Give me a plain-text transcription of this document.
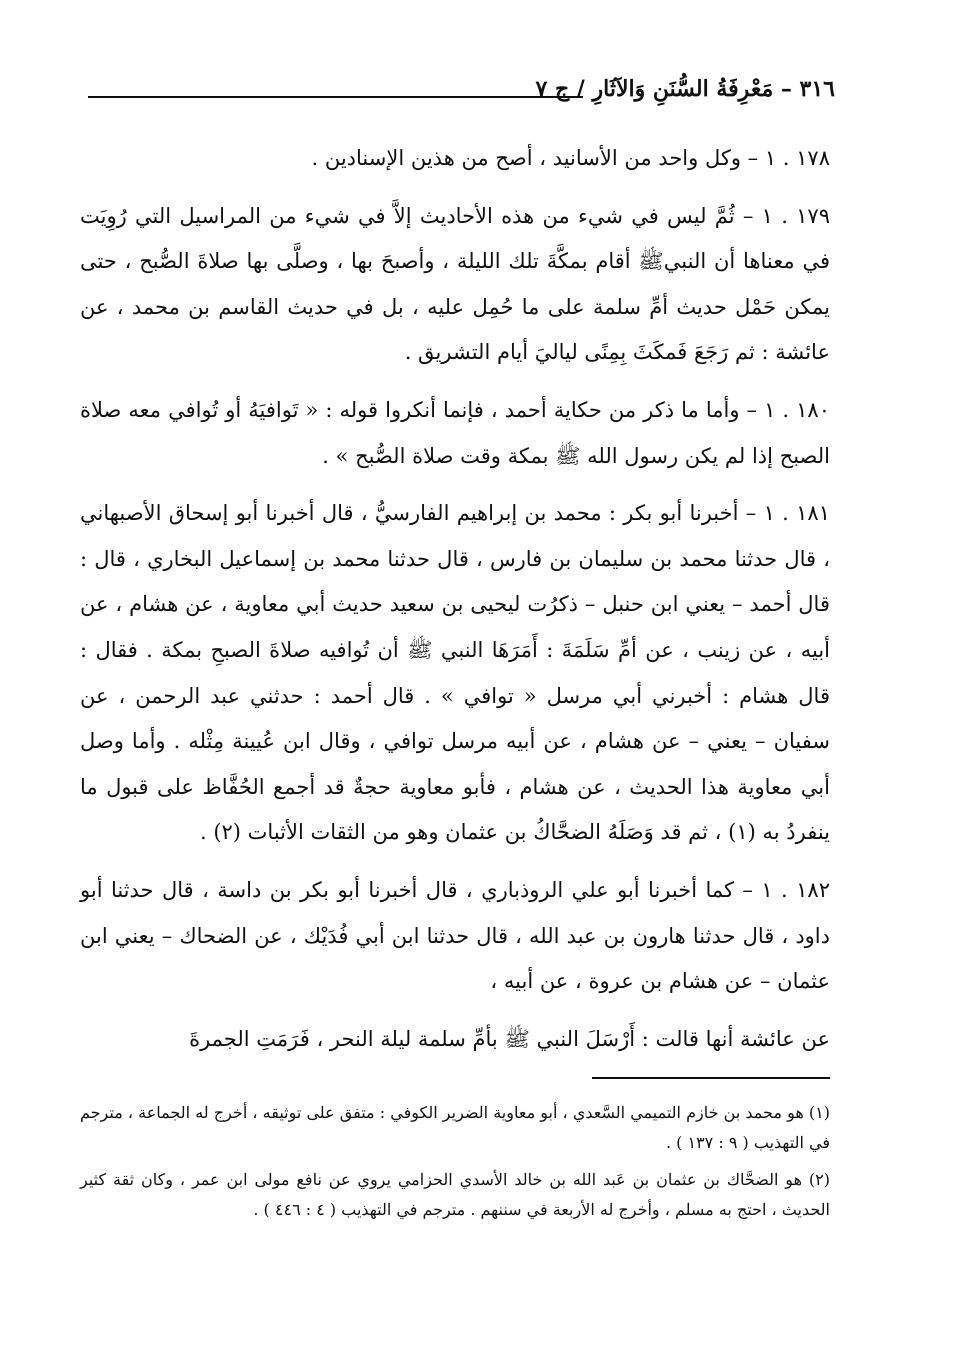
٣١٦ – مَعْرِفَةُ السُّنَنِ وَالآثَارِ / ج ٧

١٧٨ . ١ – وكل واحد من الأسانيد ، أصح من هذين الإسنادين .

١٧٩ . ١ – ثُمَّ ليس في شيء من هذه الأحاديث إلاَّ في شيء من المراسيل التي رُوِيَت في معناها أن النبيﷺ أقام بمكَّةَ تلك الليلة ، وأصبحَ بها ، وصلَّى بها صلاةَ الصُّبح ، حتى يمكن حَمْل حديث أمِّ سلمة على ما حُمِل عليه ، بل في حديث القاسم بن محمد ، عن عائشة : ثم رَجَعَ فَمكَثَ بِمِنًى لياليَ أيام التشريق .

١٨٠ . ١ – وأما ما ذكر من حكاية أحمد ، فإنما أنكروا قوله : « تَوافيَهُ أو تُوافي معه صلاة الصبح إذا لم يكن رسول الله ﷺ بمكة وقت صلاة الصُّبح » .

١٨١ . ١ – أخبرنا أبو بكر : محمد بن إبراهيم الفارسيُّ ، قال أخبرنا أبو إسحاق الأصبهاني ، قال حدثنا محمد بن سليمان بن فارس ، قال حدثنا محمد بن إسماعيل البخاري ، قال : قال أحمد – يعني ابن حنبل – ذكرُت ليحيى بن سعيد حديث أبي معاوية ، عن هشام ، عن أبيه ، عن زينب ، عن أمِّ سَلَمَةَ : أَمَرَهَا النبي ﷺ أن تُوافيه صلاةَ الصبحِ بمكة . فقال : قال هشام : أخبرني أبي مرسل « توافي » . قال أحمد : حدثني عبد الرحمن ، عن سفيان – يعني – عن هشام ، عن أبيه مرسل توافي ، وقال ابن عُيينة مِثْله . وأما وصل أبي معاوية هذا الحديث ، عن هشام ، فأبو معاوية حجةٌ قد أجمع الحُفَّاظ على قبول ما ينفردُ به (١) ، ثم قد وَصَلَهُ الضحَّاكُ بن عثمان وهو من الثقات الأثبات (٢) .

١٨٢ . ١ – كما أخبرنا أبو علي الروذباري ، قال أخبرنا أبو بكر بن داسة ، قال حدثنا أبو داود ، قال حدثنا هارون بن عبد الله ، قال حدثنا ابن أبي فُدَيْك ، عن الضحاك – يعني ابن عثمان – عن هشام بن عروة ، عن أبيه ،

عن عائشة أنها قالت : أَرْسَلَ النبي ﷺ بأمِّ سلمة ليلة النحر ، فَرَمَتِ الجمرةَ

(١) هو محمد بن خازم التميمي السَّعدي ، أبو معاوية الضرير الكوفي : متفق على توثيقه ، أخرج له الجماعة ، مترجم في التهذيب ( ٩ : ١٣٧ ) .

(٢) هو الضحَّاك بن عثمان بن عَبد الله بن خالد الأسدي الحزامي يروي عن نافع مولى ابن عمر ، وكان ثقة كثير الحديث ، احتج به مسلم ، وأخرج له الأربعة في سننهم . مترجم في التهذيب ( ٤ : ٤٤٦ ) .
